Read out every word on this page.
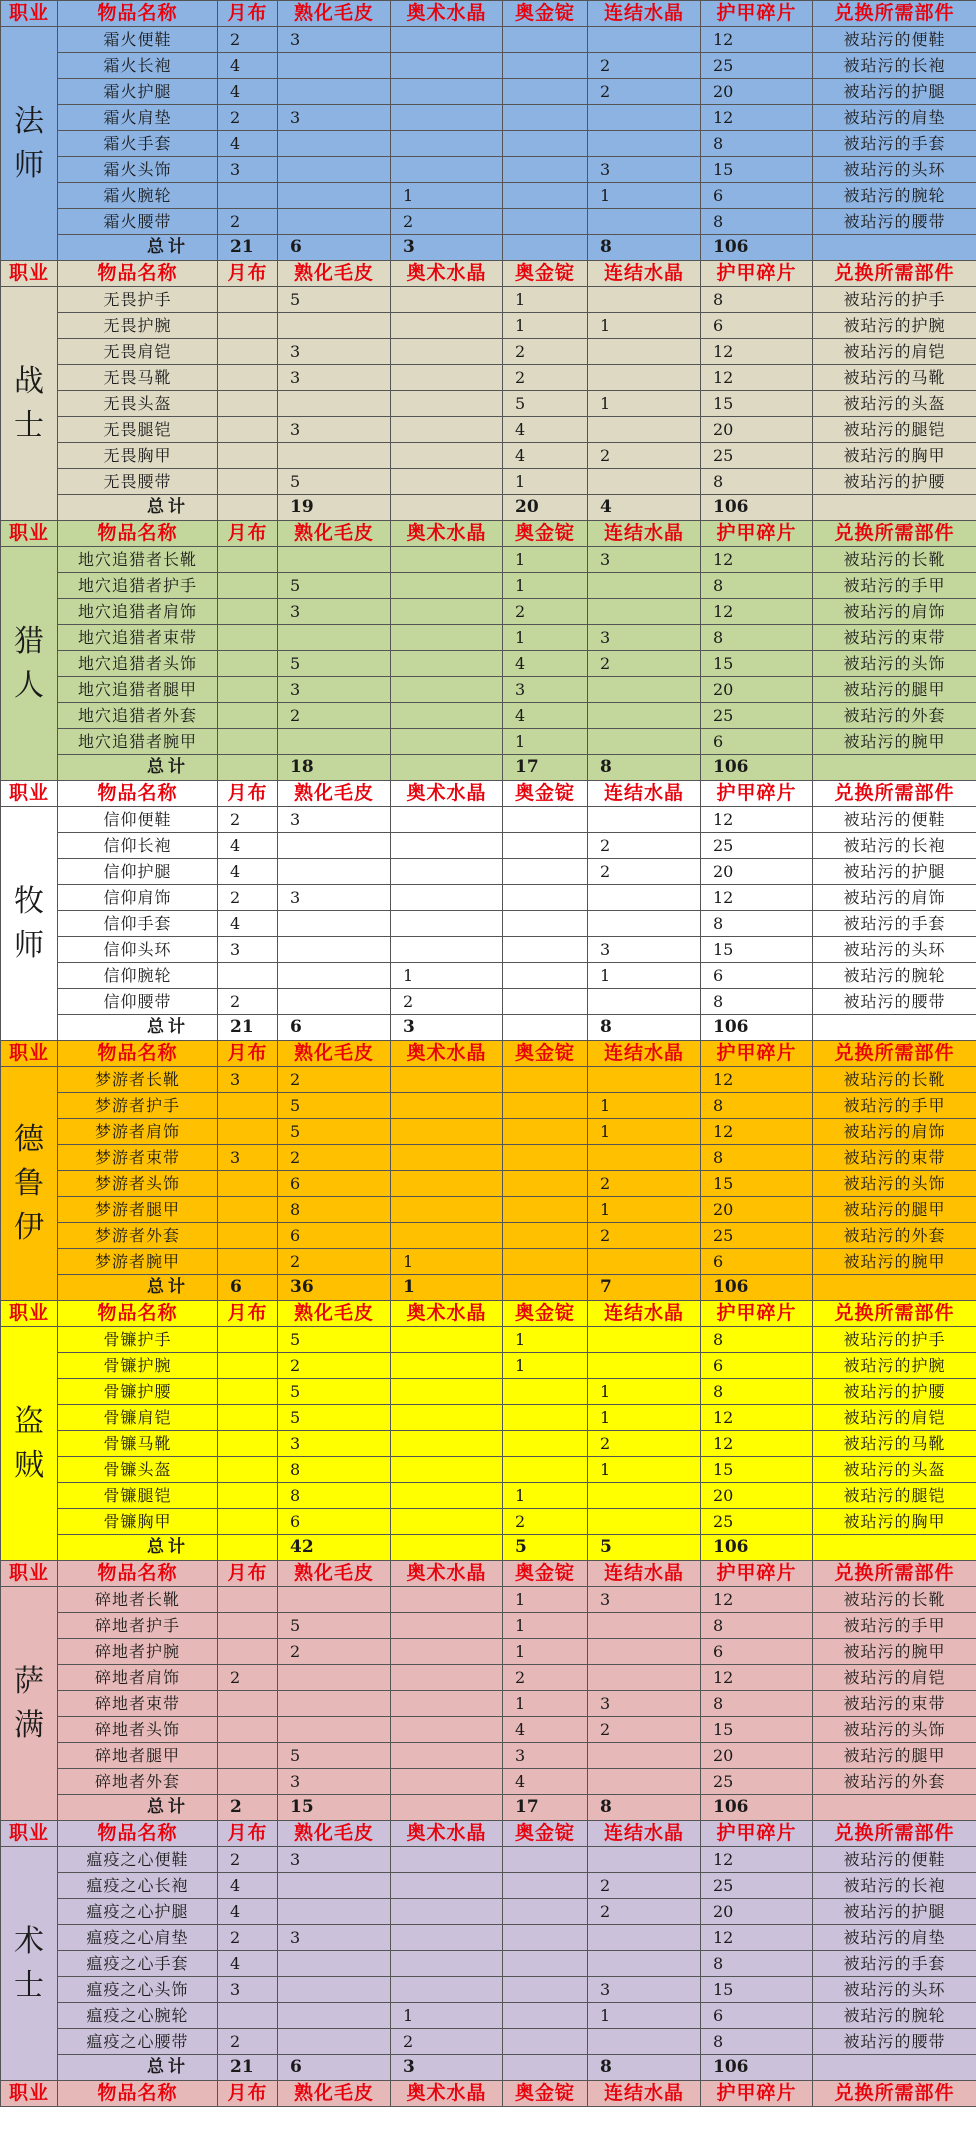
职业	物品名称	月布	熟化毛皮	奥术水晶	奥金锭	连结水晶	护甲碎片	兑换所需部件
法师	霜火便鞋	2	3				12	被玷污的便鞋
	霜火长袍	4				2	25	被玷污的长袍
	霜火护腿	4				2	20	被玷污的护腿
	霜火肩垫	2	3				12	被玷污的肩垫
	霜火手套	4					8	被玷污的手套
	霜火头饰	3				3	15	被玷污的头环
	霜火腕轮			1		1	6	被玷污的腕轮
	霜火腰带	2		2			8	被玷污的腰带
	总计	21	6	3		8	106	
职业	物品名称	月布	熟化毛皮	奥术水晶	奥金锭	连结水晶	护甲碎片	兑换所需部件
战士	无畏护手		5		1		8	被玷污的护手
	无畏护腕				1	1	6	被玷污的护腕
	无畏肩铠		3		2		12	被玷污的肩铠
	无畏马靴		3		2		12	被玷污的马靴
	无畏头盔				5	1	15	被玷污的头盔
	无畏腿铠		3		4		20	被玷污的腿铠
	无畏胸甲				4	2	25	被玷污的胸甲
	无畏腰带		5		1		8	被玷污的护腰
	总计		19		20	4	106	
职业	物品名称	月布	熟化毛皮	奥术水晶	奥金锭	连结水晶	护甲碎片	兑换所需部件
猎人	地穴追猎者长靴				1	3	12	被玷污的长靴
	地穴追猎者护手		5		1		8	被玷污的手甲
	地穴追猎者肩饰		3		2		12	被玷污的肩饰
	地穴追猎者束带				1	3	8	被玷污的束带
	地穴追猎者头饰		5		4	2	15	被玷污的头饰
	地穴追猎者腿甲		3		3		20	被玷污的腿甲
	地穴追猎者外套		2		4		25	被玷污的外套
	地穴追猎者腕甲				1		6	被玷污的腕甲
	总计		18		17	8	106	
职业	物品名称	月布	熟化毛皮	奥术水晶	奥金锭	连结水晶	护甲碎片	兑换所需部件
牧师	信仰便鞋	2	3				12	被玷污的便鞋
	信仰长袍	4				2	25	被玷污的长袍
	信仰护腿	4				2	20	被玷污的护腿
	信仰肩饰	2	3				12	被玷污的肩饰
	信仰手套	4					8	被玷污的手套
	信仰头环	3				3	15	被玷污的头环
	信仰腕轮			1		1	6	被玷污的腕轮
	信仰腰带	2		2			8	被玷污的腰带
	总计	21	6	3		8	106	
职业	物品名称	月布	熟化毛皮	奥术水晶	奥金锭	连结水晶	护甲碎片	兑换所需部件
德鲁伊	梦游者长靴	3	2				12	被玷污的长靴
	梦游者护手		5			1	8	被玷污的手甲
	梦游者肩饰		5			1	12	被玷污的肩饰
	梦游者束带	3	2				8	被玷污的束带
	梦游者头饰		6			2	15	被玷污的头饰
	梦游者腿甲		8			1	20	被玷污的腿甲
	梦游者外套		6			2	25	被玷污的外套
	梦游者腕甲		2	1			6	被玷污的腕甲
	总计	6	36	1		7	106	
职业	物品名称	月布	熟化毛皮	奥术水晶	奥金锭	连结水晶	护甲碎片	兑换所需部件
盗贼	骨镰护手		5		1		8	被玷污的护手
	骨镰护腕		2		1		6	被玷污的护腕
	骨镰护腰		5			1	8	被玷污的护腰
	骨镰肩铠		5			1	12	被玷污的肩铠
	骨镰马靴		3			2	12	被玷污的马靴
	骨镰头盔		8			1	15	被玷污的头盔
	骨镰腿铠		8		1		20	被玷污的腿铠
	骨镰胸甲		6		2		25	被玷污的胸甲
	总计		42		5	5	106	
职业	物品名称	月布	熟化毛皮	奥术水晶	奥金锭	连结水晶	护甲碎片	兑换所需部件
萨满	碎地者长靴				1	3	12	被玷污的长靴
	碎地者护手		5		1		8	被玷污的手甲
	碎地者护腕		2		1		6	被玷污的腕甲
	碎地者肩饰	2			2		12	被玷污的肩铠
	碎地者束带				1	3	8	被玷污的束带
	碎地者头饰				4	2	15	被玷污的头饰
	碎地者腿甲		5		3		20	被玷污的腿甲
	碎地者外套		3		4		25	被玷污的外套
	总计	2	15		17	8	106	
职业	物品名称	月布	熟化毛皮	奥术水晶	奥金锭	连结水晶	护甲碎片	兑换所需部件
术士	瘟疫之心便鞋	2	3				12	被玷污的便鞋
	瘟疫之心长袍	4				2	25	被玷污的长袍
	瘟疫之心护腿	4				2	20	被玷污的护腿
	瘟疫之心肩垫	2	3				12	被玷污的肩垫
	瘟疫之心手套	4					8	被玷污的手套
	瘟疫之心头饰	3				3	15	被玷污的头环
	瘟疫之心腕轮			1		1	6	被玷污的腕轮
	瘟疫之心腰带	2		2			8	被玷污的腰带
	总计	21	6	3		8	106	
职业	物品名称	月布	熟化毛皮	奥术水晶	奥金锭	连结水晶	护甲碎片	兑换所需部件
